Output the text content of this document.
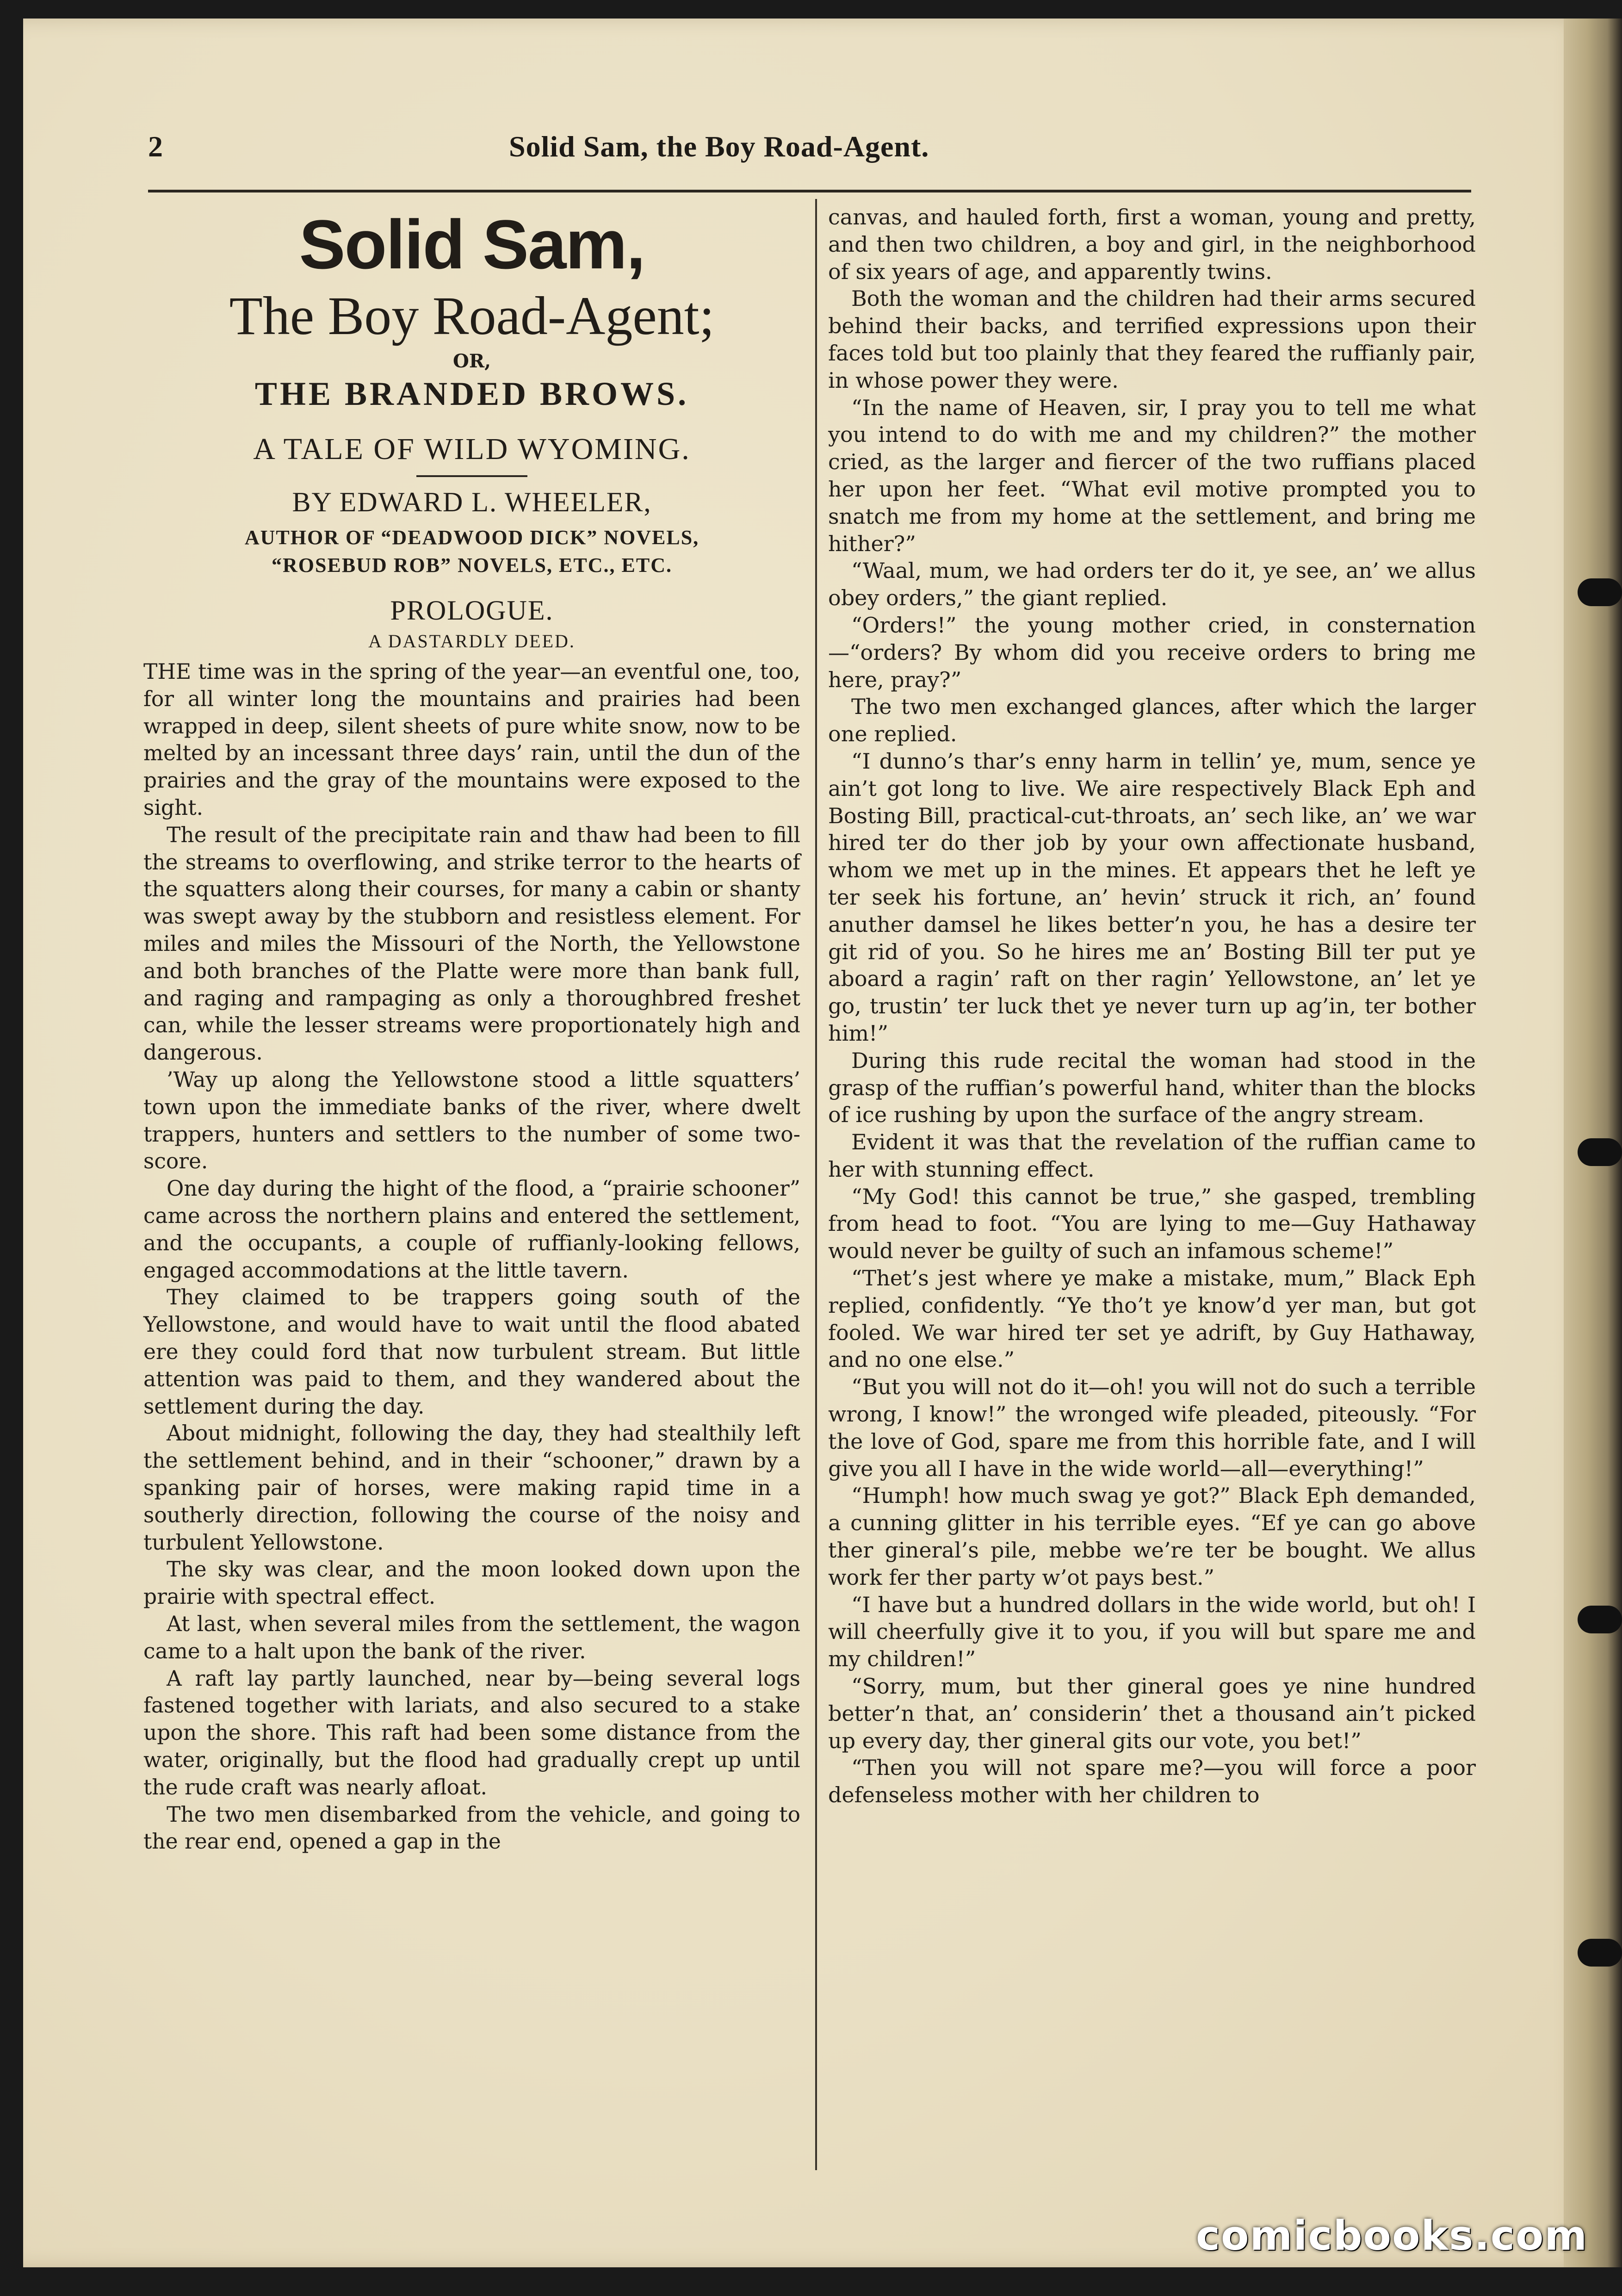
2	Solid Sam, the Boy Road-Agent.
Solid Sam,
The Boy Road-Agent;
OR,
THE BRANDED BROWS.
A TALE OF WILD WYOMING.
BY EDWARD L. WHEELER,
AUTHOR OF “DEADWOOD DICK” NOVELS,
“ROSEBUD ROB” NOVELS, ETC., ETC.
PROLOGUE.
A DASTARDLY DEED.

THE time was in the spring of the year—an eventful one, too, for all winter long the mountains and prairies had been wrapped in deep, silent sheets of pure white snow, now to be melted by an incessant three days’ rain, until the dun of the prairies and the gray of the mountains were exposed to the sight.

The result of the precipitate rain and thaw had been to fill the streams to overflowing, and strike terror to the hearts of the squatters along their courses, for many a cabin or shanty was swept away by the stubborn and resistless element. For miles and miles the Missouri of the North, the Yellowstone and both branches of the Platte were more than bank full, and raging and rampaging as only a thoroughbred freshet can, while the lesser streams were proportionately high and dangerous.

’Way up along the Yellowstone stood a little squatters’ town upon the immediate banks of the river, where dwelt trappers, hunters and settlers to the number of some two-score.

One day during the hight of the flood, a “prairie schooner” came across the northern plains and entered the settlement, and the occupants, a couple of ruffianly-looking fellows, engaged accommodations at the little tavern.

They claimed to be trappers going south of the Yellowstone, and would have to wait until the flood abated ere they could ford that now turbulent stream. But little attention was paid to them, and they wandered about the settlement during the day.

About midnight, following the day, they had stealthily left the settlement behind, and in their “schooner,” drawn by a spanking pair of horses, were making rapid time in a southerly direction, following the course of the noisy and turbulent Yellowstone.

The sky was clear, and the moon looked down upon the prairie with spectral effect.

At last, when several miles from the settlement, the wagon came to a halt upon the bank of the river.

A raft lay partly launched, near by—being several logs fastened together with lariats, and also secured to a stake upon the shore. This raft had been some distance from the water, originally, but the flood had gradually crept up until the rude craft was nearly afloat.

The two men disembarked from the vehicle, and going to the rear end, opened a gap in the

canvas, and hauled forth, first a woman, young and pretty, and then two children, a boy and girl, in the neighborhood of six years of age, and apparently twins.

Both the woman and the children had their arms secured behind their backs, and terrified expressions upon their faces told but too plainly that they feared the ruffianly pair, in whose power they were.

“In the name of Heaven, sir, I pray you to tell me what you intend to do with me and my children?” the mother cried, as the larger and fiercer of the two ruffians placed her upon her feet. “What evil motive prompted you to snatch me from my home at the settlement, and bring me hither?”

“Waal, mum, we had orders ter do it, ye see, an’ we allus obey orders,” the giant replied.

“Orders!” the young mother cried, in consternation—“orders? By whom did you receive orders to bring me here, pray?”

The two men exchanged glances, after which the larger one replied.

“I dunno’s thar’s enny harm in tellin’ ye, mum, sence ye ain’t got long to live. We aire respectively Black Eph and Bosting Bill, practical-cut-throats, an’ sech like, an’ we war hired ter do ther job by your own affectionate husband, whom we met up in the mines. Et appears thet he left ye ter seek his fortune, an’ hevin’ struck it rich, an’ found anuther damsel he likes better’n you, he has a desire ter git rid of you. So he hires me an’ Bosting Bill ter put ye aboard a ragin’ raft on ther ragin’ Yellowstone, an’ let ye go, trustin’ ter luck thet ye never turn up ag’in, ter bother him!”

During this rude recital the woman had stood in the grasp of the ruffian’s powerful hand, whiter than the blocks of ice rushing by upon the surface of the angry stream.

Evident it was that the revelation of the ruffian came to her with stunning effect.

“My God! this cannot be true,” she gasped, trembling from head to foot. “You are lying to me—Guy Hathaway would never be guilty of such an infamous scheme!”

“Thet’s jest where ye make a mistake, mum,” Black Eph replied, confidently. “Ye tho’t ye know’d yer man, but got fooled. We war hired ter set ye adrift, by Guy Hathaway, and no one else.”

“But you will not do it—oh! you will not do such a terrible wrong, I know!” the wronged wife pleaded, piteously. “For the love of God, spare me from this horrible fate, and I will give you all I have in the wide world—all—everything!”

“Humph! how much swag ye got?” Black Eph demanded, a cunning glitter in his terrible eyes. “Ef ye can go above ther gineral’s pile, mebbe we’re ter be bought. We allus work fer ther party w’ot pays best.”

“I have but a hundred dollars in the wide world, but oh! I will cheerfully give it to you, if you will but spare me and my children!”

“Sorry, mum, but ther gineral goes ye nine hundred better’n that, an’ considerin’ thet a thousand ain’t picked up every day, ther gineral gits our vote, you bet!”

“Then you will not spare me?—you will force a poor defenseless mother with her children to

comicbooks.com
